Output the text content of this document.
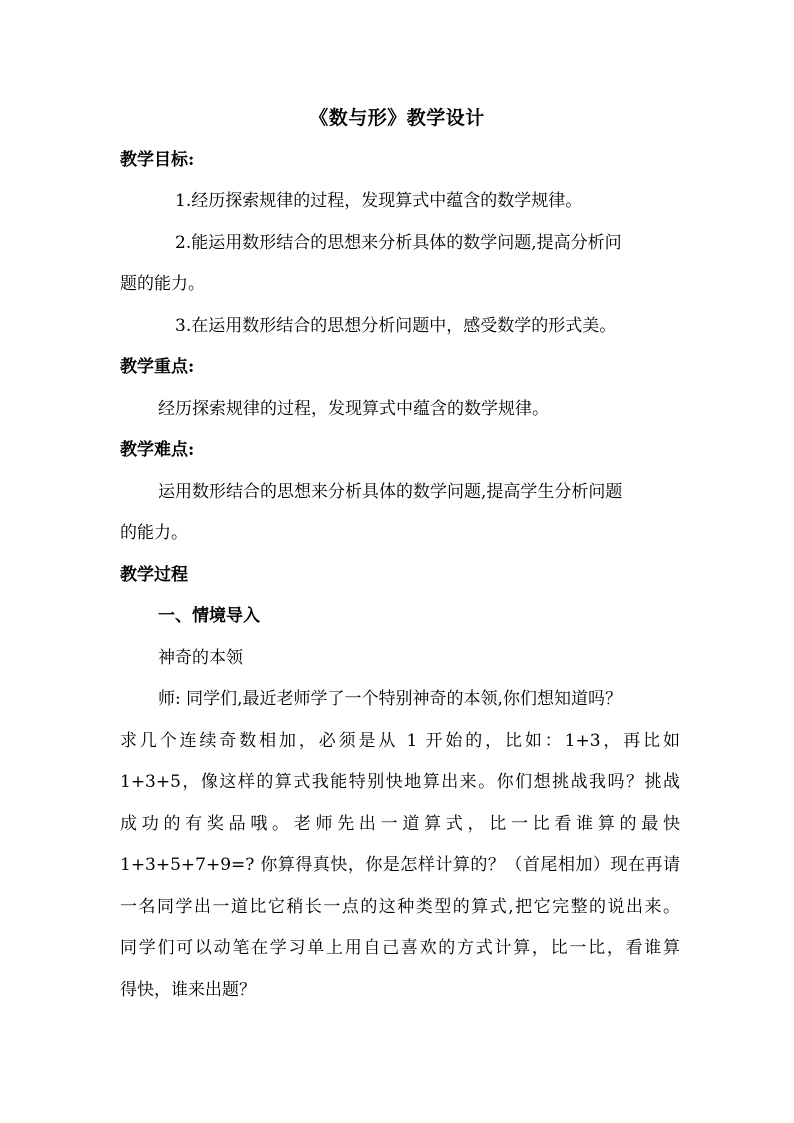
《数与形》教学设计
教学目标:
1.经历探索规律的过程，发现算式中蕴含的数学规律。
2.能运用数形结合的思想来分析具体的数学问题,提高分析问
题的能力。
3.在运用数形结合的思想分析问题中，感受数学的形式美。
教学重点:
经历探索规律的过程，发现算式中蕴含的数学规律。
教学难点:
运用数形结合的思想来分析具体的数学问题,提高学生分析问题
的能力。
教学过程
一、情境导入
神奇的本领
师: 同学们,最近老师学了一个特别神奇的本领,你们想知道吗？
求几个连续奇数相加，必须是从 1 开始的，比如：1+3，再比如
1+3+5，像这样的算式我能特别快地算出来。你们想挑战我吗？挑战
成功的有奖品哦。老师先出一道算式，比一比看谁算的最快
1+3+5+7+9=? 你算得真快，你是怎样计算的？（首尾相加）现在再请
一名同学出一道比它稍长一点的这种类型的算式,把它完整的说出来。
同学们可以动笔在学习单上用自己喜欢的方式计算，比一比，看谁算
得快，谁来出题？
